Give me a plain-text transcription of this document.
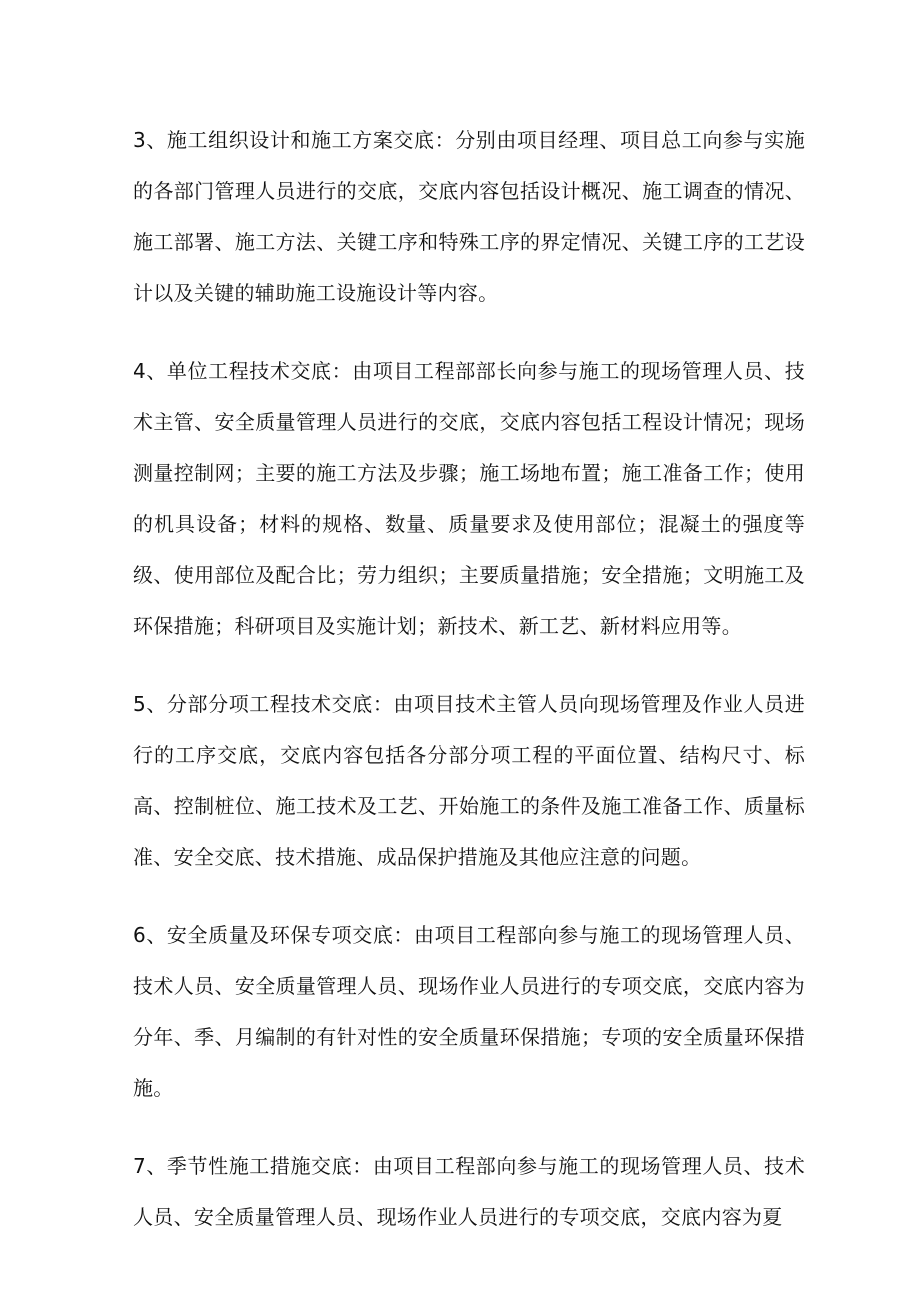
3、施工组织设计和施工方案交底：分别由项目经理、项目总工向参与实施的各部门管理人员进行的交底，交底内容包括设计概况、施工调查的情况、施工部署、施工方法、关键工序和特殊工序的界定情况、关键工序的工艺设计以及关键的辅助施工设施设计等内容。

4、单位工程技术交底：由项目工程部部长向参与施工的现场管理人员、技术主管、安全质量管理人员进行的交底，交底内容包括工程设计情况；现场测量控制网；主要的施工方法及步骤；施工场地布置；施工准备工作；使用的机具设备；材料的规格、数量、质量要求及使用部位；混凝土的强度等级、使用部位及配合比；劳力组织；主要质量措施；安全措施；文明施工及环保措施；科研项目及实施计划；新技术、新工艺、新材料应用等。

5、分部分项工程技术交底：由项目技术主管人员向现场管理及作业人员进行的工序交底，交底内容包括各分部分项工程的平面位置、结构尺寸、标高、控制桩位、施工技术及工艺、开始施工的条件及施工准备工作、质量标准、安全交底、技术措施、成品保护措施及其他应注意的问题。

6、安全质量及环保专项交底：由项目工程部向参与施工的现场管理人员、技术人员、安全质量管理人员、现场作业人员进行的专项交底，交底内容为分年、季、月编制的有针对性的安全质量环保措施；专项的安全质量环保措施。

7、季节性施工措施交底：由项目工程部向参与施工的现场管理人员、技术人员、安全质量管理人员、现场作业人员进行的专项交底，交底内容为夏
